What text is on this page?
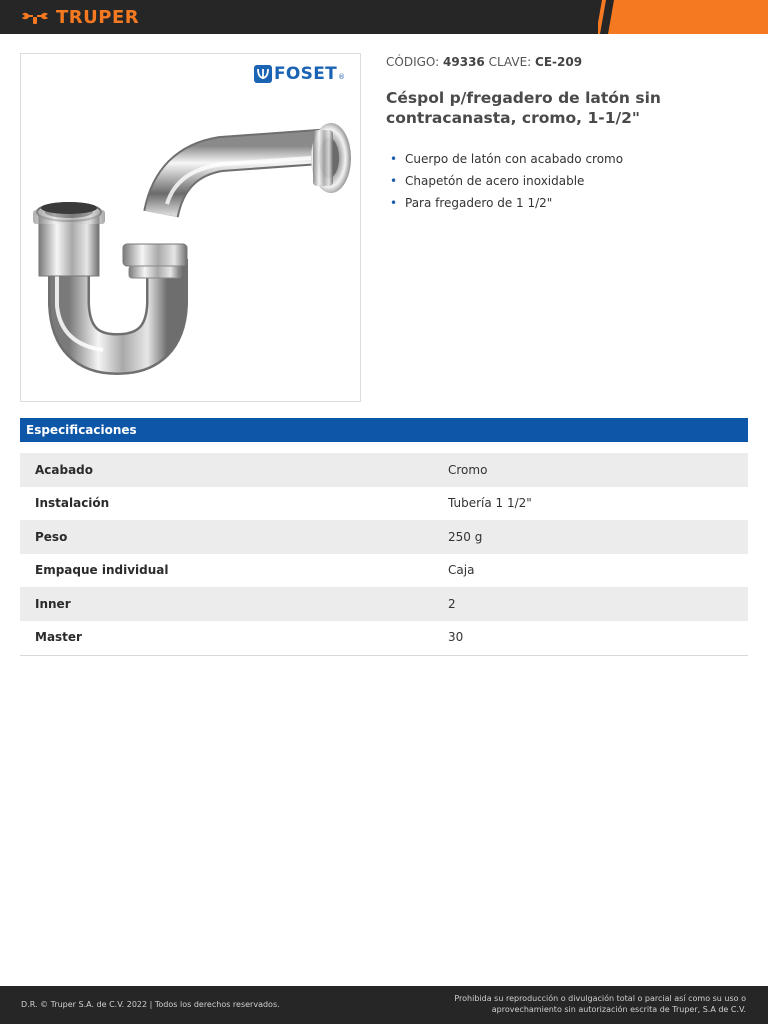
TRUPER
FOSET ®
CÓDIGO: 49336 CLAVE: CE-209
Céspol p/fregadero de latón sin contracanasta, cromo, 1-1/2"
• Cuerpo de latón con acabado cromo
• Chapetón de acero inoxidable
• Para fregadero de 1 1/2"
Especificaciones
Acabado	Cromo
Instalación	Tubería 1 1/2"
Peso	250 g
Empaque individual	Caja
Inner	2
Master	30
D.R. © Truper S.A. de C.V. 2022 | Todos los derechos reservados.
Prohibida su reproducción o divulgación total o parcial así como su uso o
aprovechamiento sin autorización escrita de Truper, S.A de C.V.
